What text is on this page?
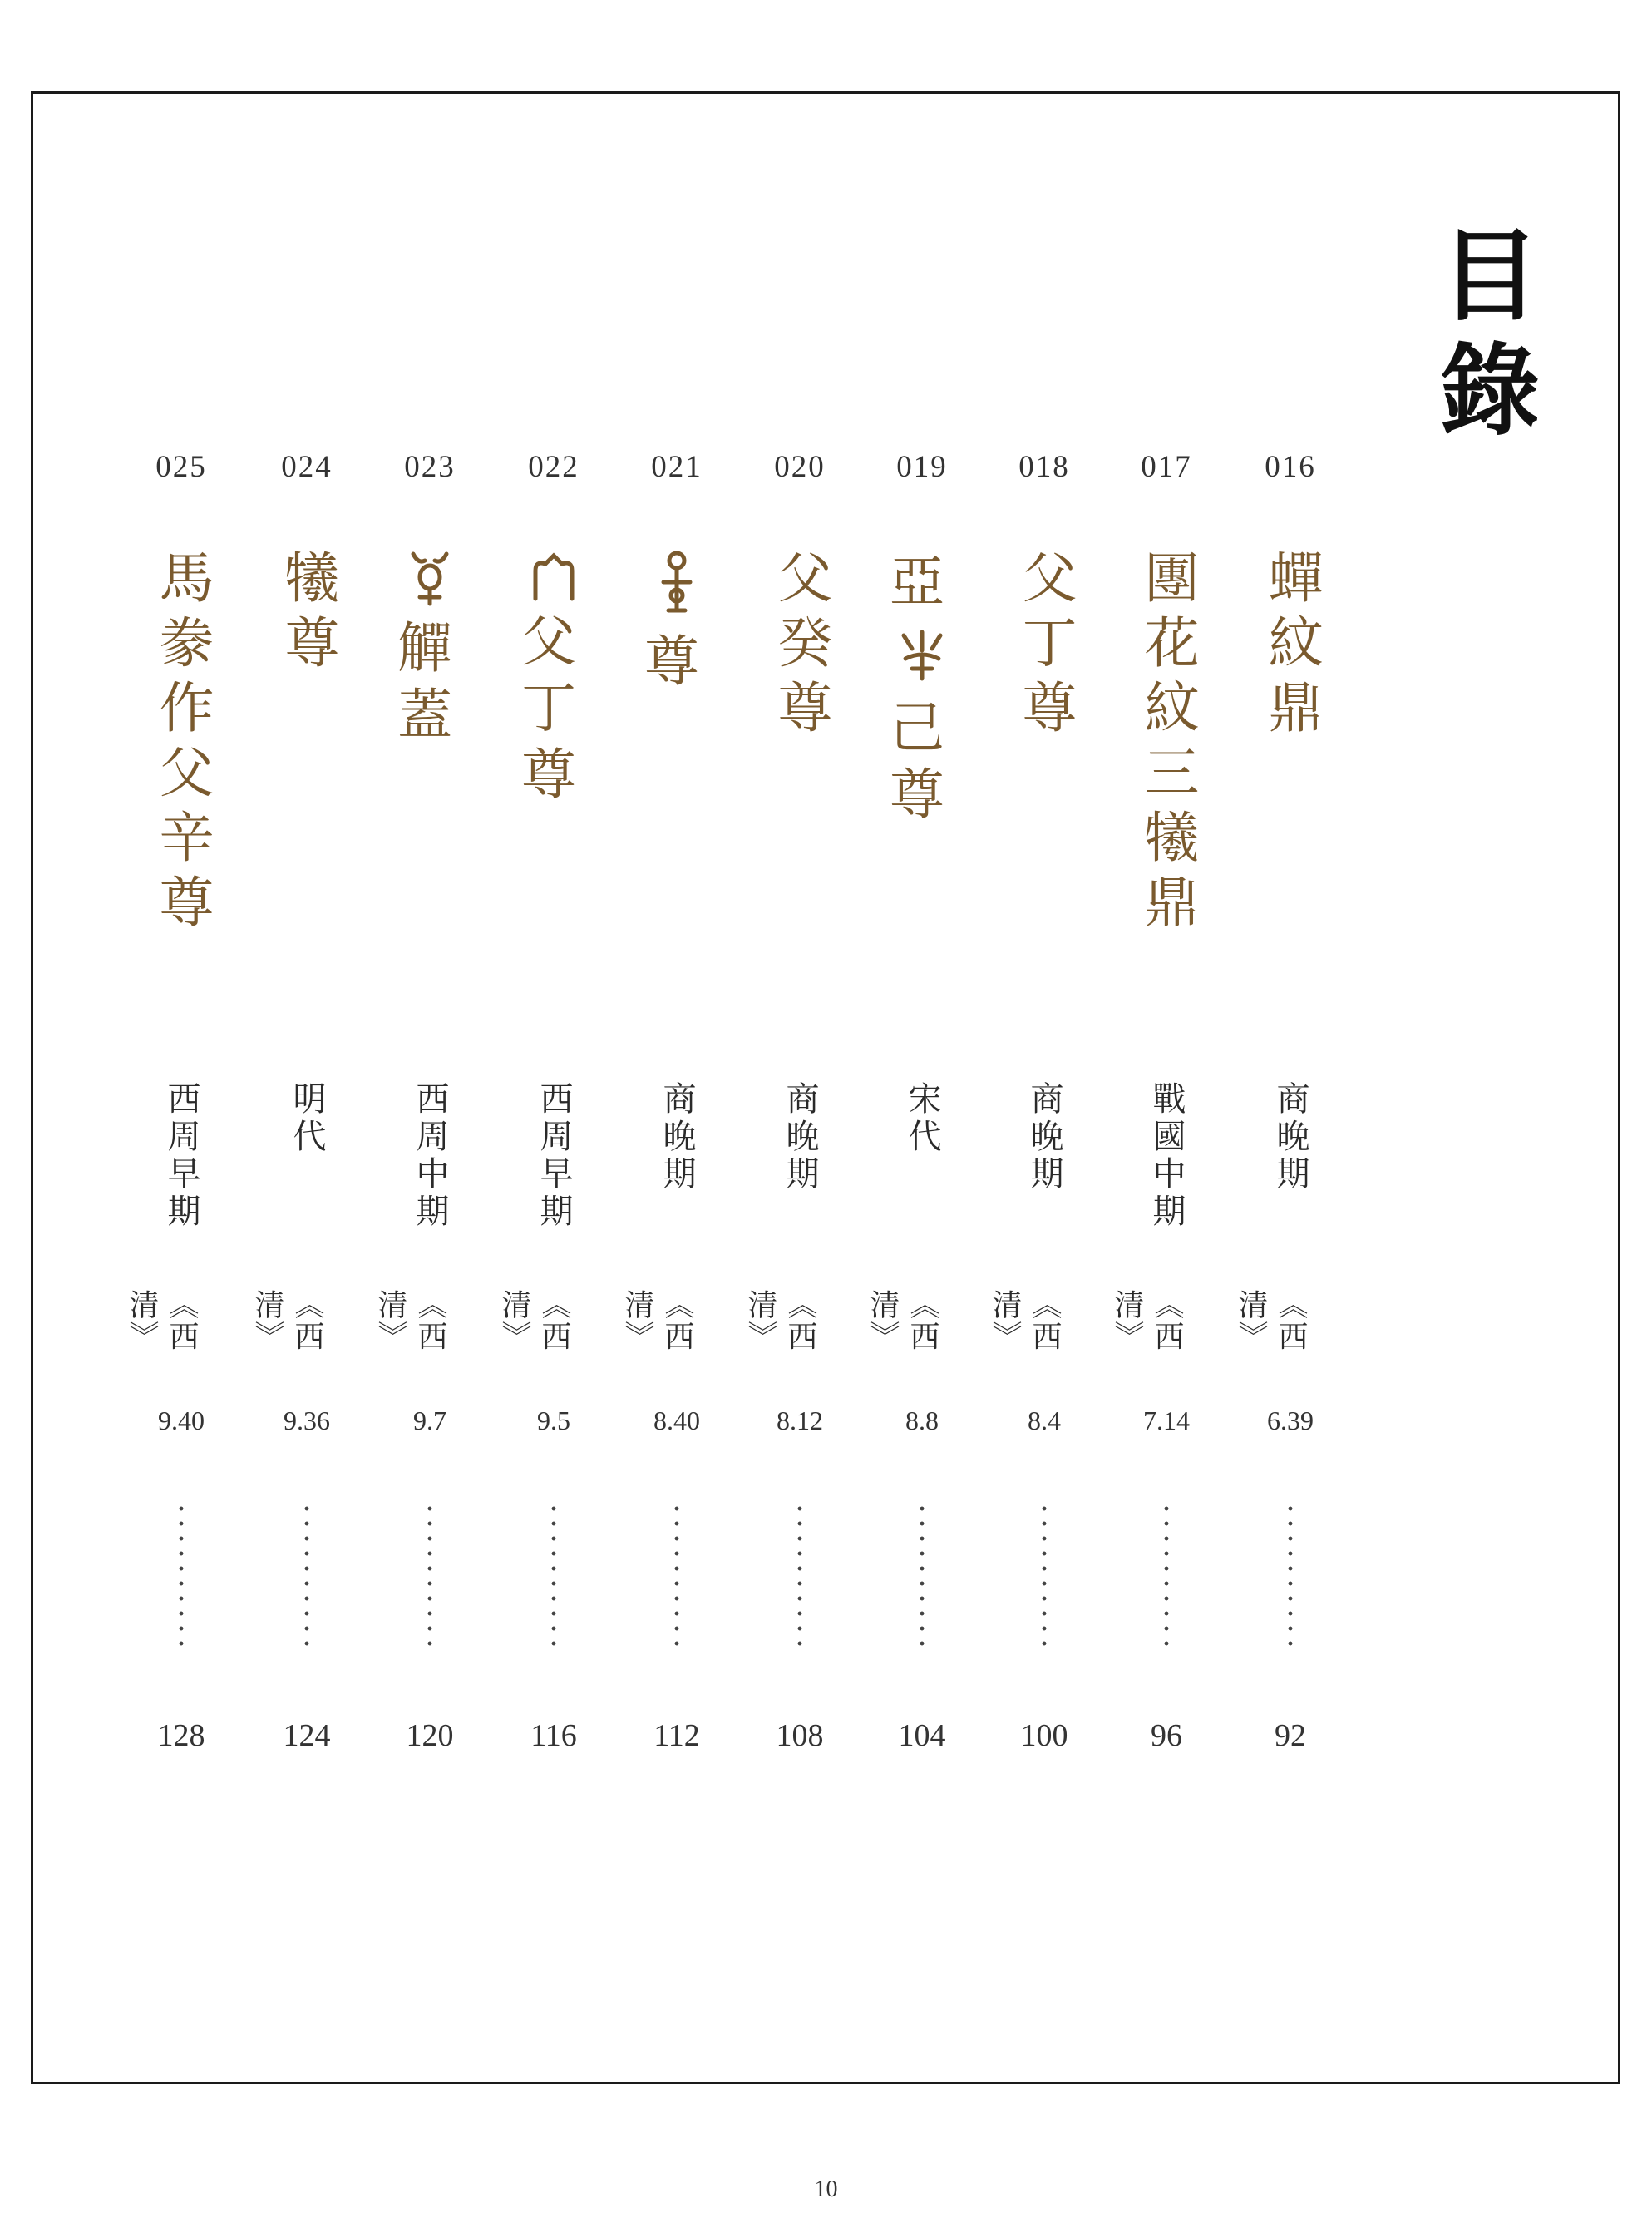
目錄
016
蟬紋鼎
商晚期
《西清》
6.39
92
017
團花紋三犧鼎
戰國中期
《西清》
7.14
96
018
父丁尊
商晚期
《西清》
8.4
100
019
亞
己
尊
宋代
《西清》
8.8
104
020
父癸尊
商晚期
《西清》
8.12
108
021
尊
商晚期
《西清》
8.40
112
022
父
丁
尊
西周早期
《西清》
9.5
116
023
觶
蓋
西周中期
《西清》
9.7
120
024
犧尊
明代
《西清》
9.36
124
025
馬豢作父辛尊
西周早期
《西清》
9.40
128
10
